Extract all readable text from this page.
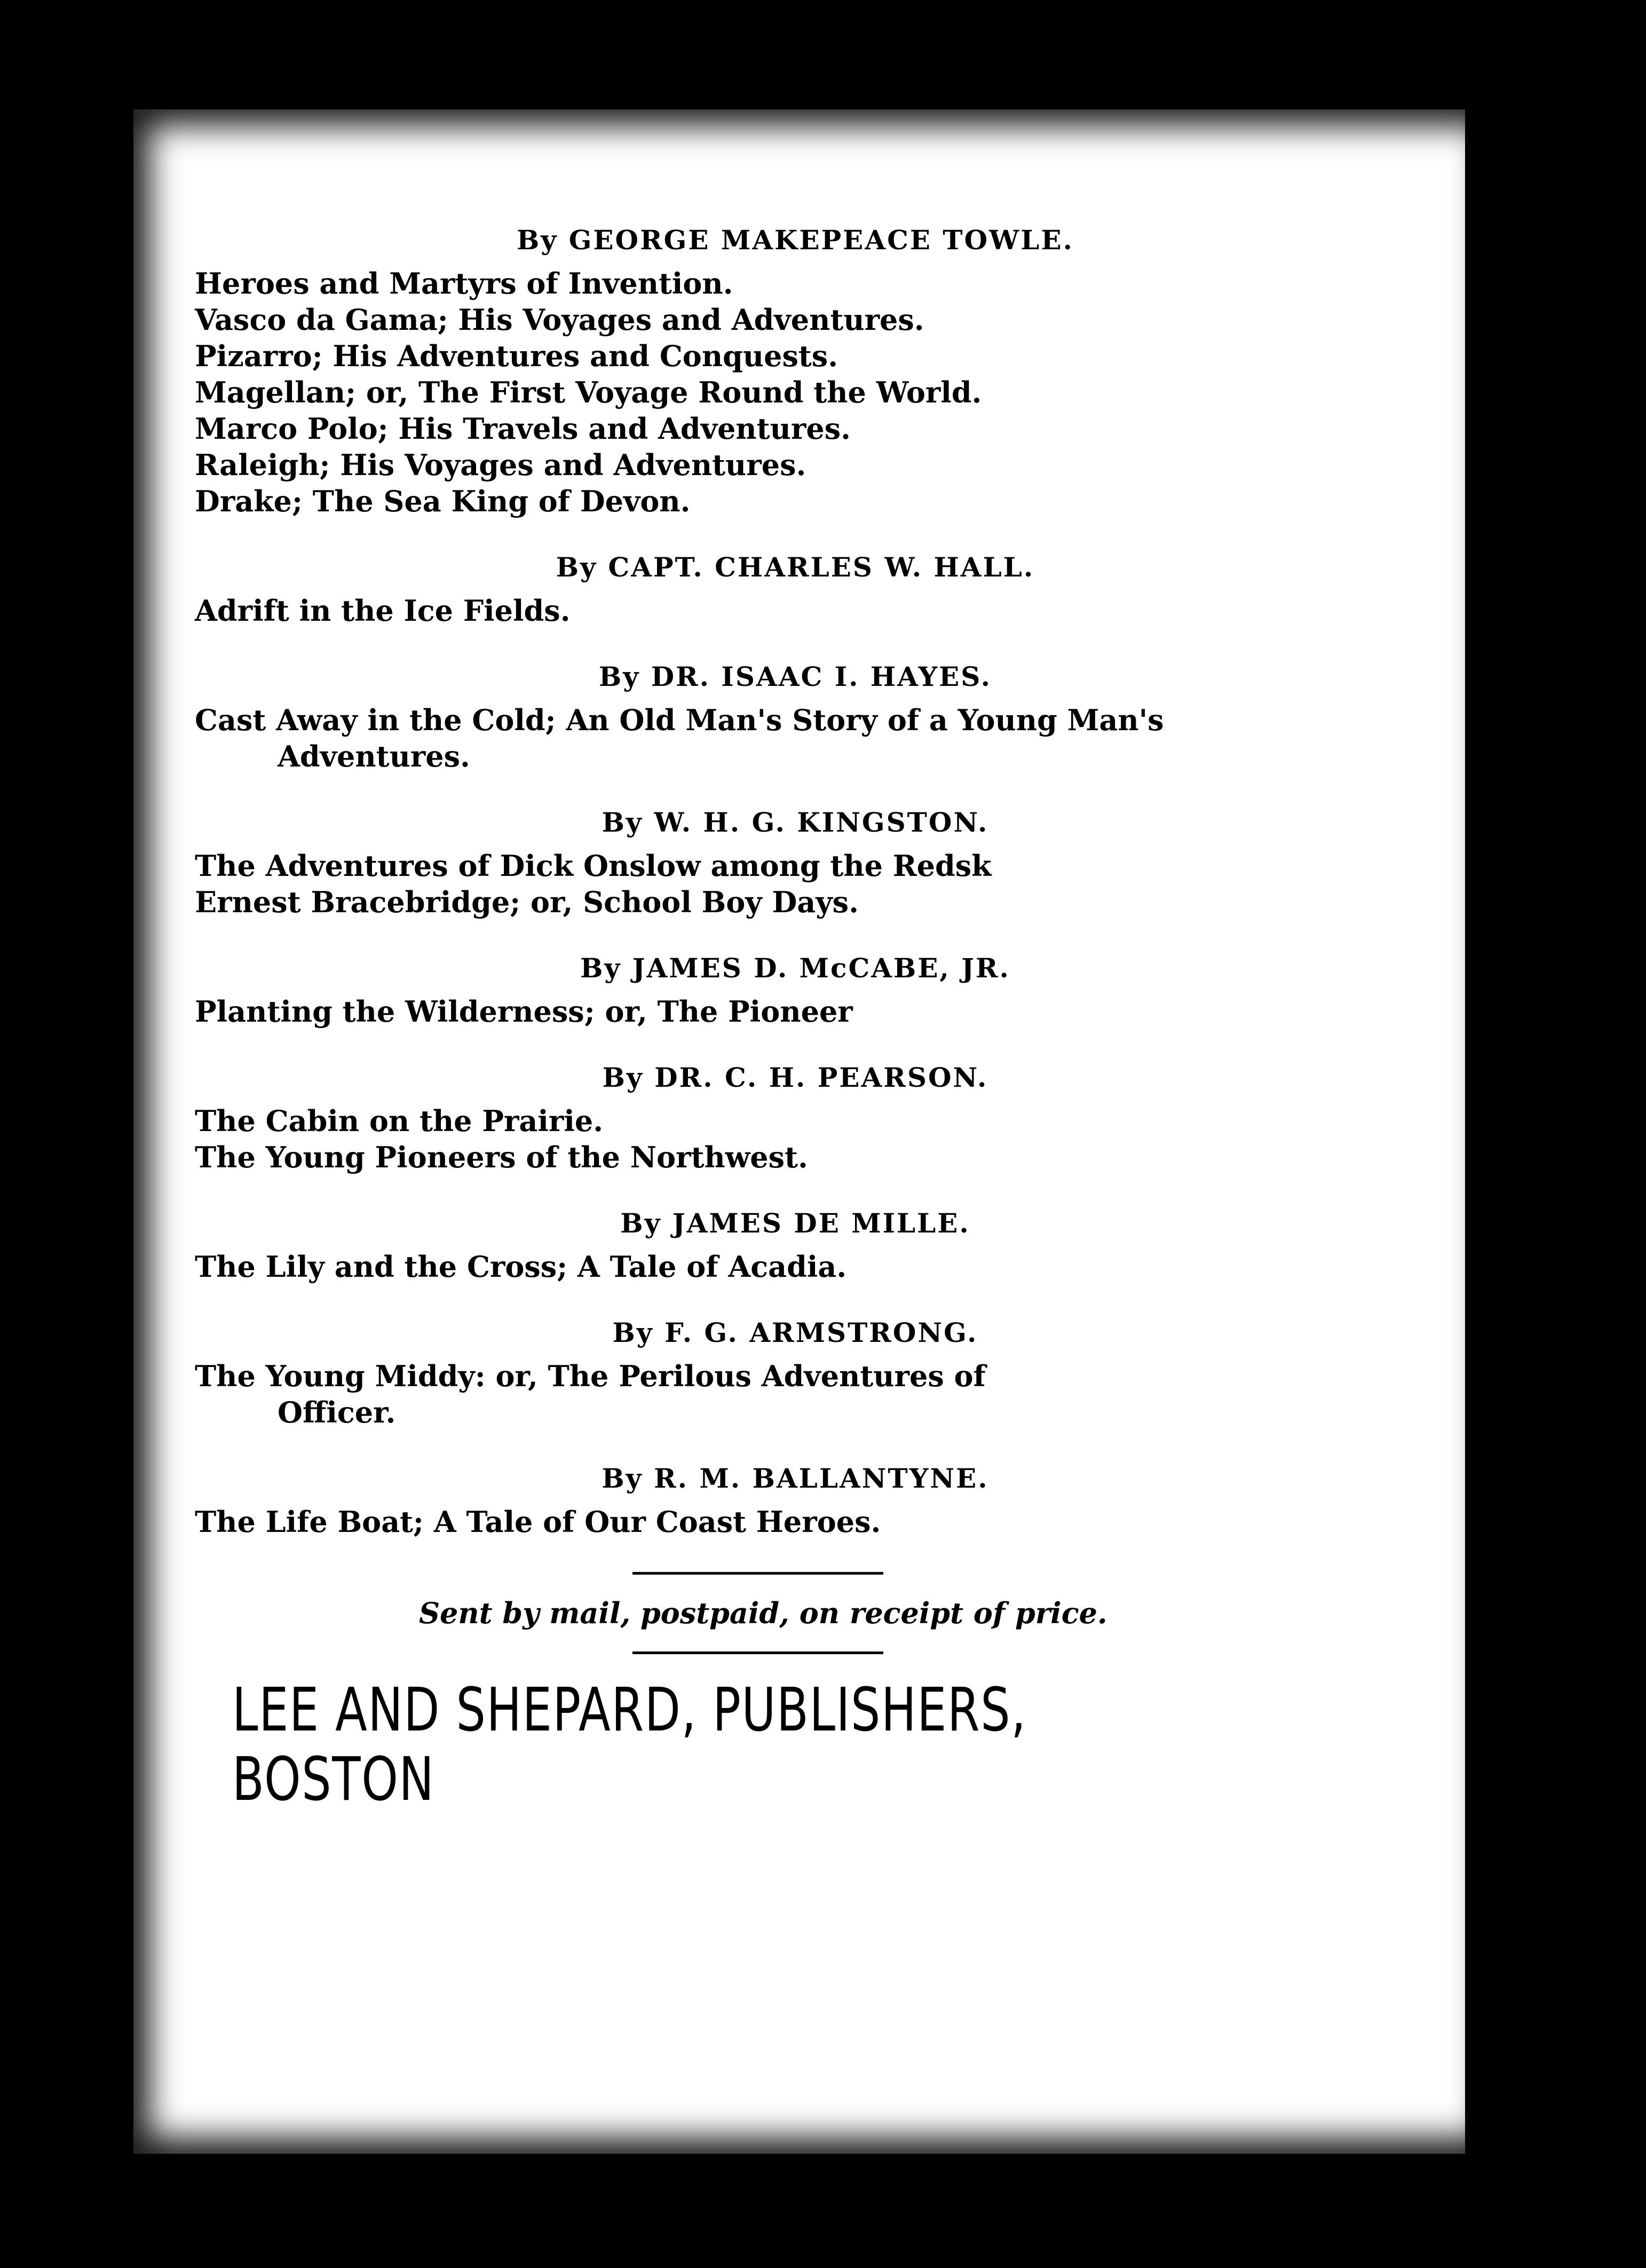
By GEORGE MAKEPEACE TOWLE.

Heroes and Martyrs of Invention.

Vasco da Gama; His Voyages and Adventures.

Pizarro; His Adventures and Conquests.

Magellan; or, The First Voyage Round the World.

Marco Polo; His Travels and Adventures.

Raleigh; His Voyages and Adventures.

Drake; The Sea King of Devon.

By CAPT. CHARLES W. HALL.

Adrift in the Ice Fields.

By DR. ISAAC I. HAYES.

Cast Away in the Cold; An Old Man's Story of a Young Man's
Adventures.

By W. H. G. KINGSTON.

The Adventures of Dick Onslow among the Redsk

Ernest Bracebridge; or, School Boy Days.

By JAMES D. McCABE, JR.

Planting the Wilderness; or, The Pioneer

By DR. C. H. PEARSON.

The Cabin on the Prairie.

The Young Pioneers of the Northwest.

By JAMES DE MILLE.

The Lily and the Cross; A Tale of Acadia.

By F. G. ARMSTRONG.

The Young Middy: or, The Perilous Adventures of
Officer.

By R. M. BALLANTYNE.

The Life Boat; A Tale of Our Coast Heroes.

Sent by mail, postpaid, on receipt of price.
LEE AND SHEPARD, PUBLISHERS, BOSTON
